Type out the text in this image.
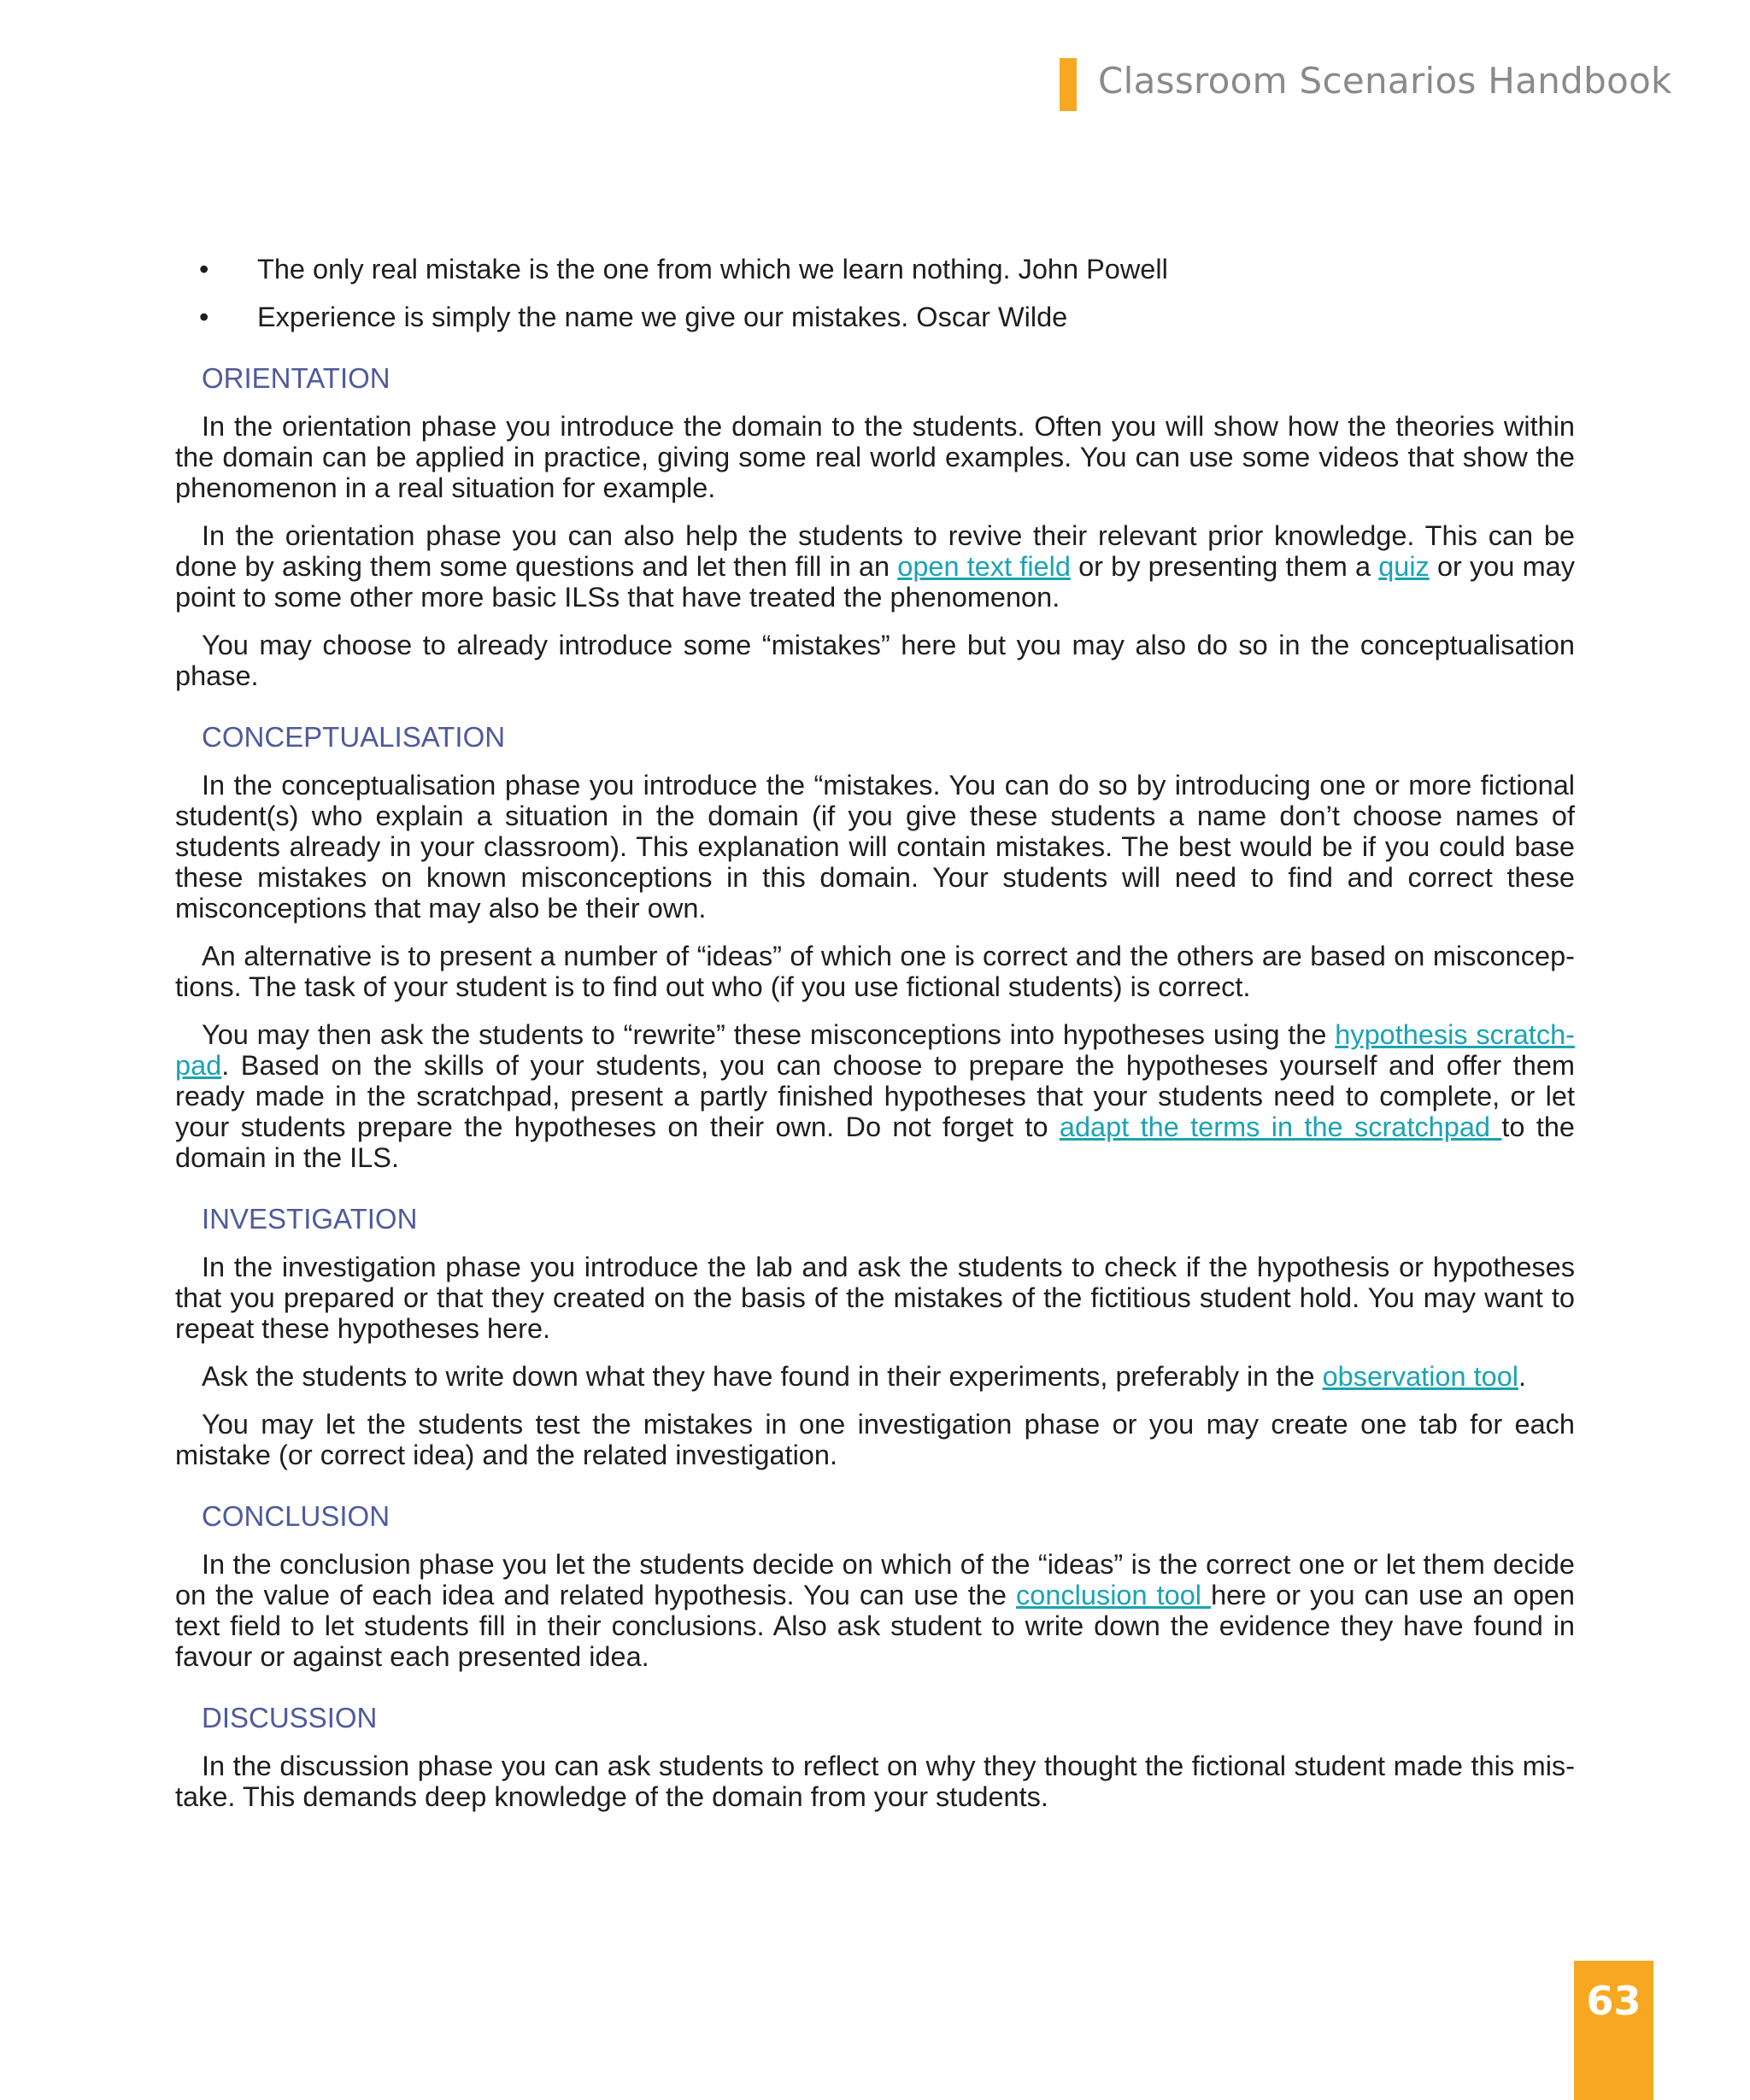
Classroom Scenarios Handbook
• The only real mistake is the one from which we learn nothing. John Powell
• Experience is simply the name we give our mistakes. Oscar Wilde
ORIENTATION

In the orientation phase you introduce the domain to the students. Often you will show how the theories within the domain can be applied in practice, giving some real world examples. You can use some videos that show the phenomenon in a real situation for example.

In the orientation phase you can also help the students to revive their relevant prior knowledge. This can be done by asking them some questions and let then fill in an open text field or by presenting them a quiz or you may point to some other more basic ILSs that have treated the phenomenon.

You may choose to already introduce some “mistakes” here but you may also do so in the conceptualisation phase.

CONCEPTUALISATION

In the conceptualisation phase you introduce the “mistakes. You can do so by introducing one or more fictional student(s) who explain a situation in the domain (if you give these students a name don’t choose names of students already in your classroom). This explanation will contain mistakes. The best would be if you could base these mistakes on known misconceptions in this domain. Your students will need to find and correct these misconceptions that may also be their own.

An alternative is to present a number of “ideas” of which one is correct and the others are based on misconceptions. The task of your student is to find out who (if you use fictional students) is correct.

You may then ask the students to “rewrite” these misconceptions into hypotheses using the hypothesis scratchpad. Based on the skills of your students, you can choose to prepare the hypotheses yourself and offer them ready made in the scratchpad, present a partly finished hypotheses that your students need to complete, or let your students prepare the hypotheses on their own. Do not forget to adapt the terms in the scratchpad to the domain in the ILS.

INVESTIGATION

In the investigation phase you introduce the lab and ask the students to check if the hypothesis or hypotheses that you prepared or that they created on the basis of the mistakes of the fictitious student hold. You may want to repeat these hypotheses here.

Ask the students to write down what they have found in their experiments, preferably in the observation tool.

You may let the students test the mistakes in one investigation phase or you may create one tab for each mistake (or correct idea) and the related investigation.

CONCLUSION

In the conclusion phase you let the students decide on which of the “ideas” is the correct one or let them decide on the value of each idea and related hypothesis. You can use the conclusion tool here or you can use an open text field to let students fill in their conclusions. Also ask student to write down the evidence they have found in favour or against each presented idea.

DISCUSSION

In the discussion phase you can ask students to reflect on why they thought the fictional student made this mistake. This demands deep knowledge of the domain from your students.

63
